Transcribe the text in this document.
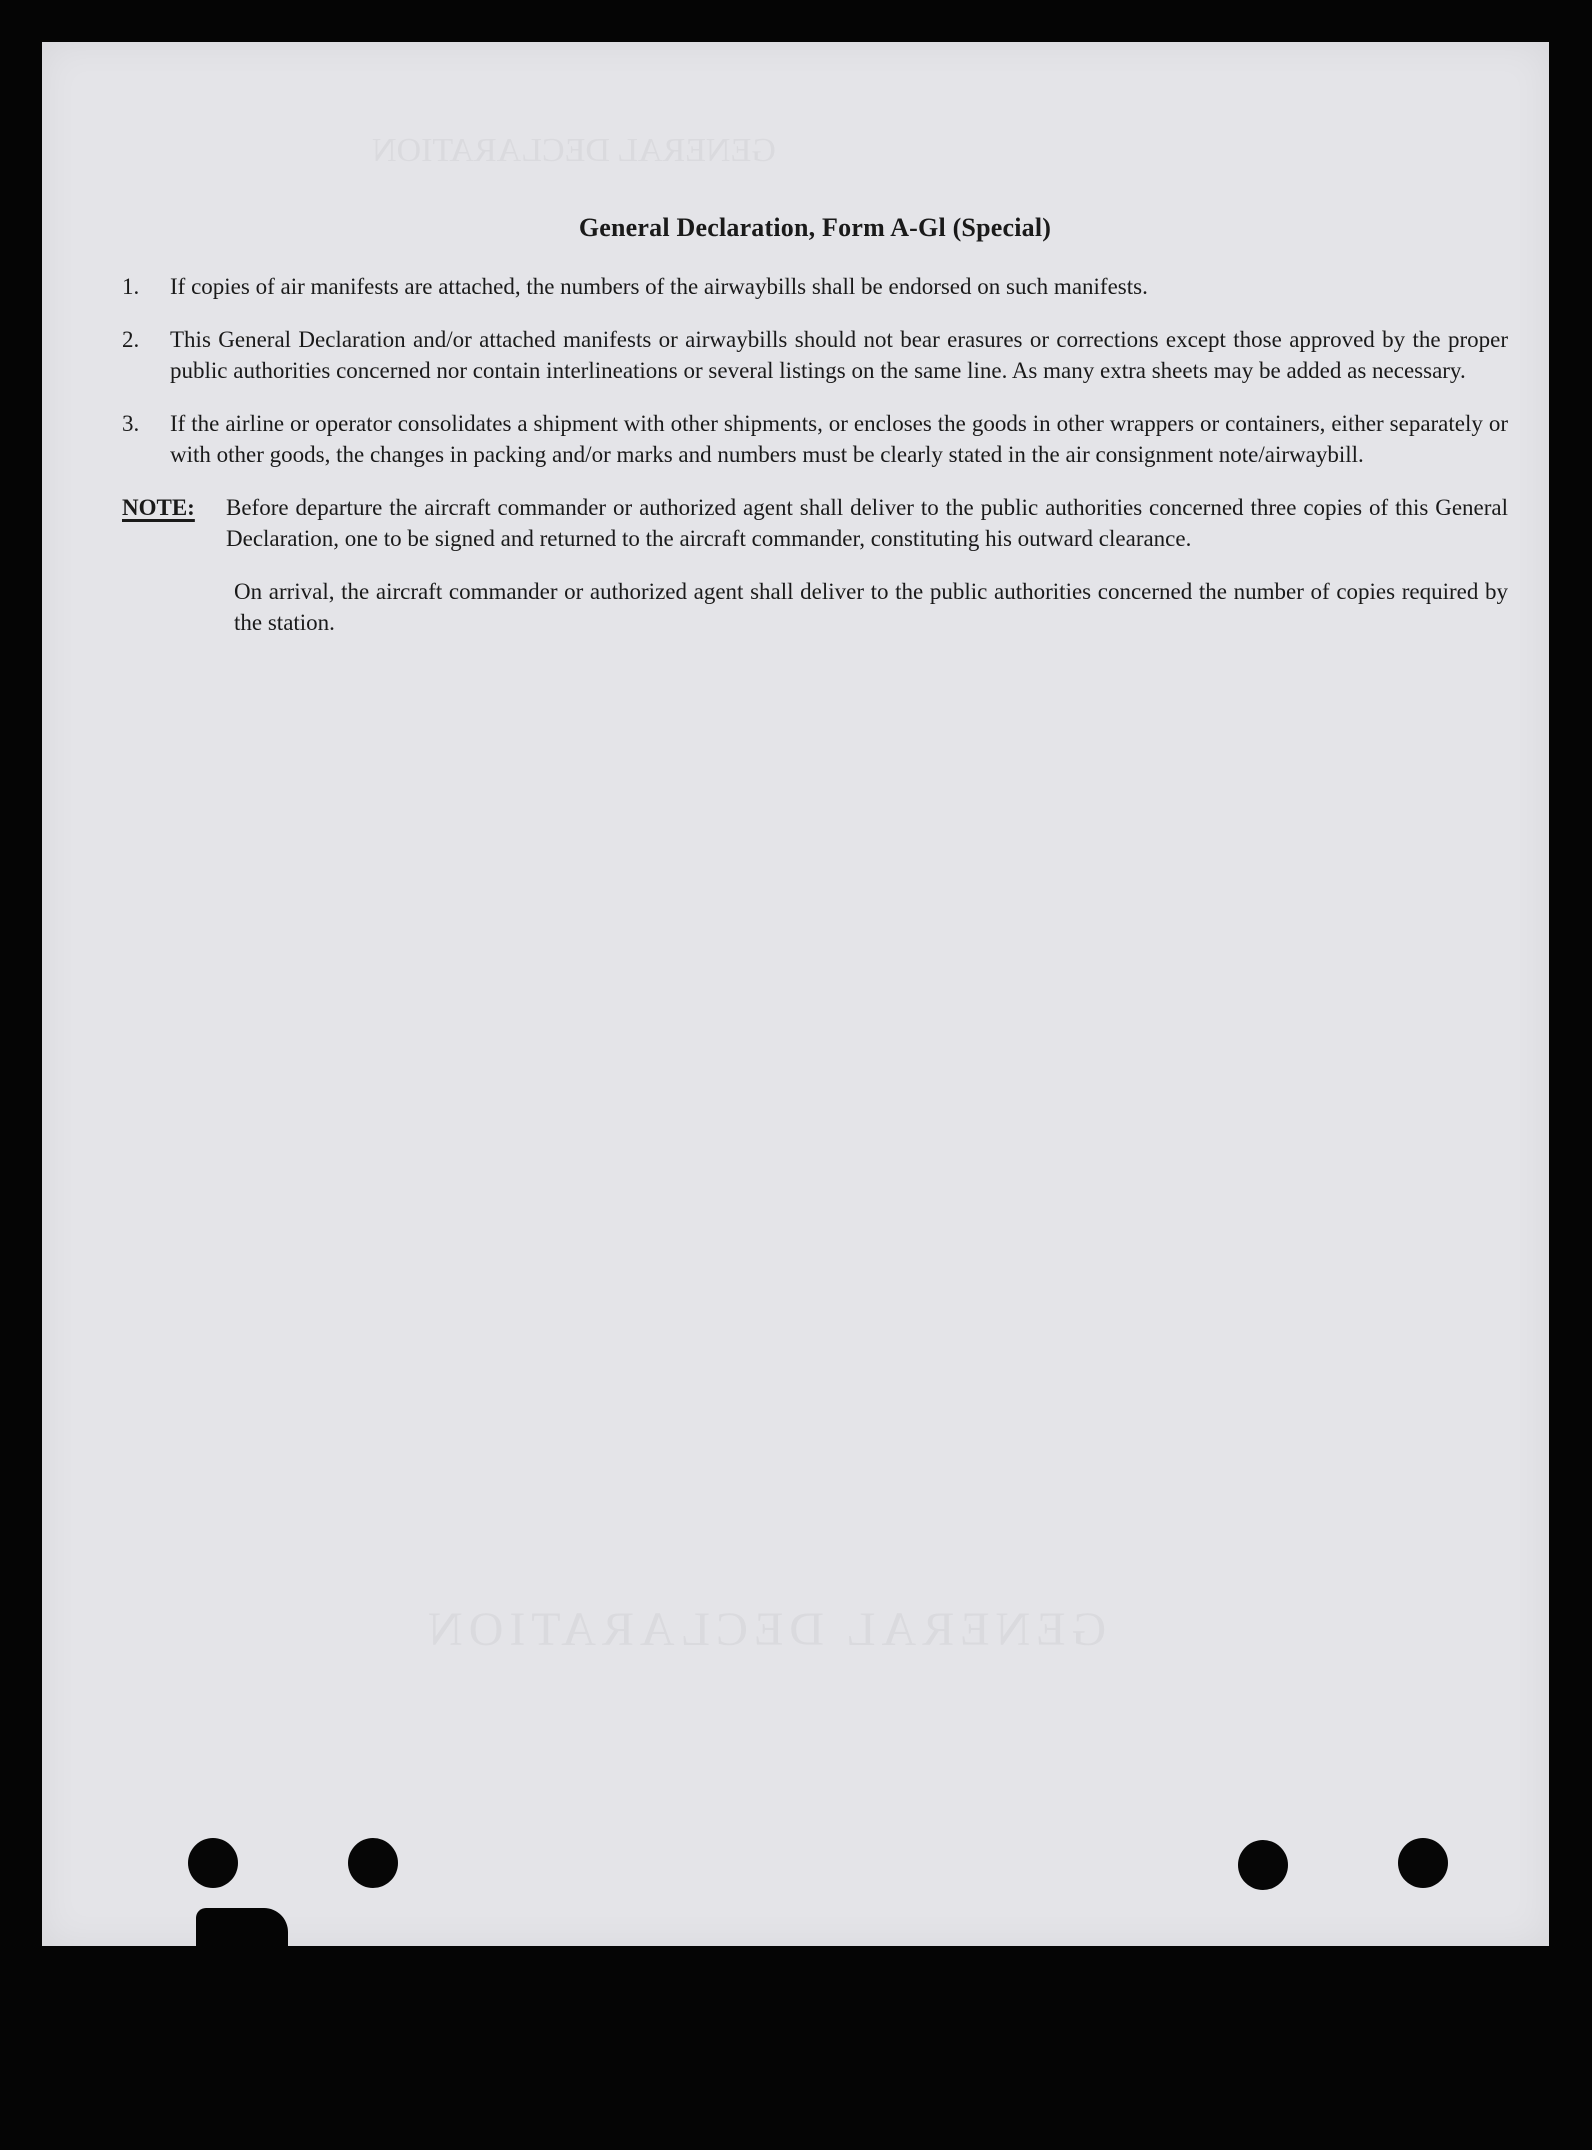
GENERAL DECLARATION
GENERAL DECLARATION
General Declaration, Form A-Gl (Special)
1.	If copies of air manifests are attached, the numbers of the airwaybills shall be endorsed on such manifests.
2.	This General Declaration and/or attached manifests or airwaybills should not bear erasures or corrections except those approved by the proper public authorities concerned nor contain interlineations or several listings on the same line. As many extra sheets may be added as necessary.
3.	If the airline or operator consolidates a shipment with other shipments, or encloses the goods in other wrappers or containers, either separately or with other goods, the changes in packing and/or marks and numbers must be clearly stated in the air consignment note/airwaybill.
NOTE:	Before departure the aircraft commander or authorized agent shall deliver to the public authorities concerned three copies of this General Declaration, one to be signed and returned to the aircraft commander, constituting his outward clearance.
On arrival, the aircraft commander or authorized agent shall deliver to the public authorities concerned the number of copies required by the station.
